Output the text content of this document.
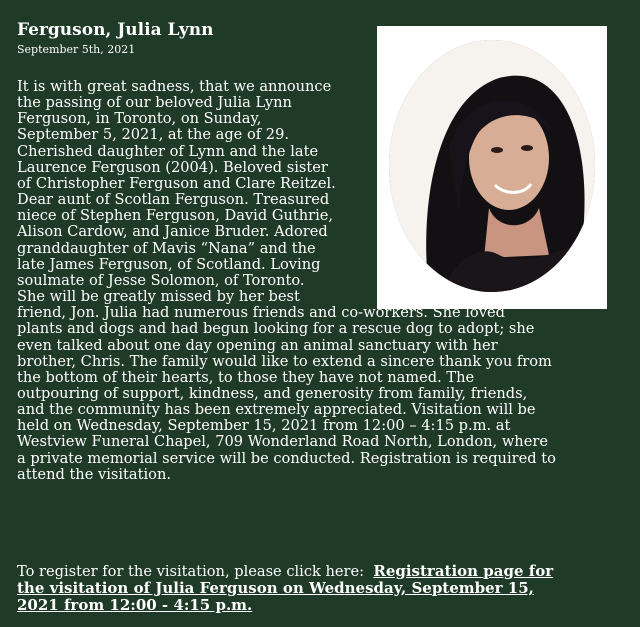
Ferguson, Julia Lynn

September 5th, 2021

It is with great sadness, that we announce
the passing of our beloved Julia Lynn
Ferguson, in Toronto, on Sunday,
September 5, 2021, at the age of 29.
Cherished daughter of Lynn and the late
Laurence Ferguson (2004). Beloved sister
of Christopher Ferguson and Clare Reitzel.
Dear aunt of Scotlan Ferguson. Treasured
niece of Stephen Ferguson, David Guthrie,
Alison Cardow, and Janice Bruder. Adored
granddaughter of Mavis “Nana” and the
late James Ferguson, of Scotland. Loving
soulmate of Jesse Solomon, of Toronto.
She will be greatly missed by her best
friend, Jon. Julia had numerous friends and co-workers. She loved
plants and dogs and had begun looking for a rescue dog to adopt; she
even talked about one day opening an animal sanctuary with her
brother, Chris. The family would like to extend a sincere thank you from
the bottom of their hearts, to those they have not named. The
outpouring of support, kindness, and generosity from family, friends,
and the community has been extremely appreciated. Visitation will be
held on Wednesday, September 15, 2021 from 12:00 – 4:15 p.m. at
Westview Funeral Chapel, 709 Wonderland Road North, London, where
a private memorial service will be conducted. Registration is required to
attend the visitation.
To register for the visitation, please click here: Registration page for
the visitation of Julia Ferguson on Wednesday, September 15,
2021 from 12:00 - 4:15 p.m.
